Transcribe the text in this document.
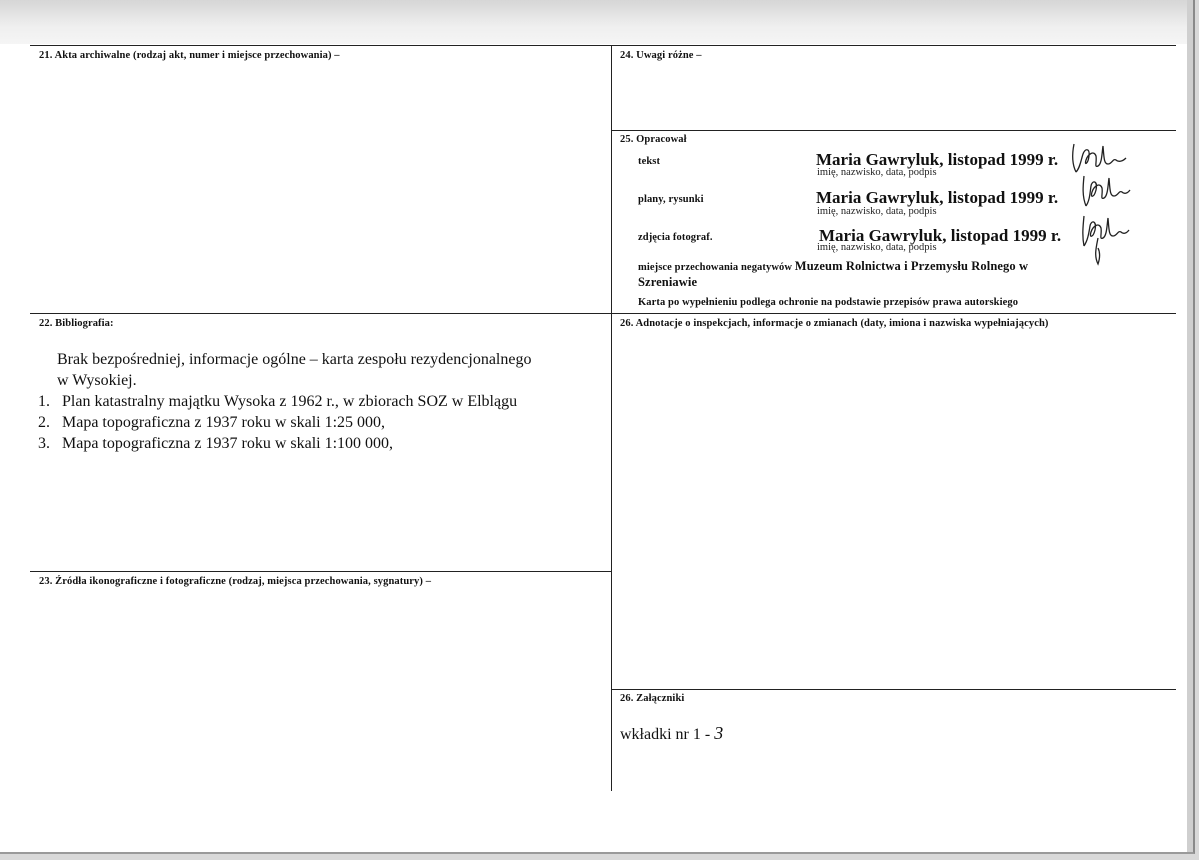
21. Akta archiwalne (rodzaj akt, numer i miejsce przechowania) –	24. Uwagi różne –
25. Opracował
tekst	Maria Gawryluk, listopad 1999 r.
imię, nazwisko, data, podpis
plany, rysunki	Maria Gawryluk, listopad 1999 r.
imię, nazwisko, data, podpis
zdjęcia fotograf.	Maria Gawryluk, listopad 1999 r.
imię, nazwisko, data, podpis
miejsce przechowania negatywów Muzeum Rolnictwa i Przemysłu Rolnego w
Szreniawie
Karta po wypełnieniu podlega ochronie na podstawie przepisów prawa autorskiego
22. Bibliografia:
Brak bezpośredniej, informacje ogólne – karta zespołu rezydencjonalnego
w Wysokiej.
1. Plan katastralny majątku Wysoka z 1962 r., w zbiorach SOZ w Elblągu
2. Mapa topograficzna z 1937 roku w skali 1:25 000,
3. Mapa topograficzna z 1937 roku w skali 1:100 000,
26. Adnotacje o inspekcjach, informacje o zmianach (daty, imiona i nazwiska wypełniających)
23. Źródła ikonograficzne i fotograficzne (rodzaj, miejsca przechowania, sygnatury) –
26. Załączniki
wkładki nr 1 - 3
